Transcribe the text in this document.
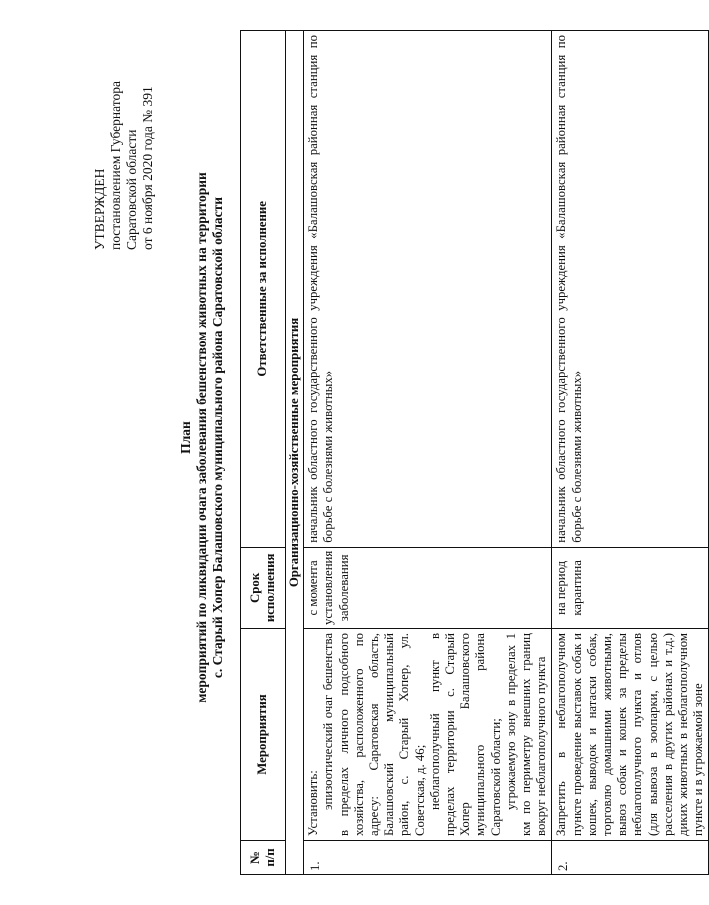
УТВЕРЖДЕН постановлением Губернатора Саратовской области от 6 ноября 2020 года № 391
План мероприятий по ликвидации очага заболевания бешенством животных на территории с. Старый Хопер Балашовского муниципального района Саратовской области
№ п/п	Мероприятия	Срок исполнения	Ответственные за исполнение
Организационно-хозяйственные мероприятия			
1.	Установить: эпизоотический очаг бешенства в пределах личного подсобного хозяйства, расположенного по адресу: Саратовская область, Балашовский муниципальный район, с. Старый Хопер, ул. Советская, д. 46; неблагополучный пункт в пределах территории с. Старый Хопер Балашовского муниципального района Саратовской области; угрожаемую зону в пределах 1 км по периметру внешних границ вокруг неблагополучного пункта	с момента установления заболевания	начальник областного государственного учреждения «Балашовская районная станция по борьбе с болезнями животных»
2.	Запретить в неблагополучном пункте проведение выставок собак и кошек, выводок и натаски собак, торговлю домашними животными, вывоз собак и кошек за пределы неблагополучного пункта и отлов (для вывоза в зоопарки, с целью расселения в других районах и т.д.) диких животных в неблагополучном пункте и в угрожаемой зоне	на период карантина	начальник областного государственного учреждения «Балашовская районная станция по борьбе с болезнями животных»
